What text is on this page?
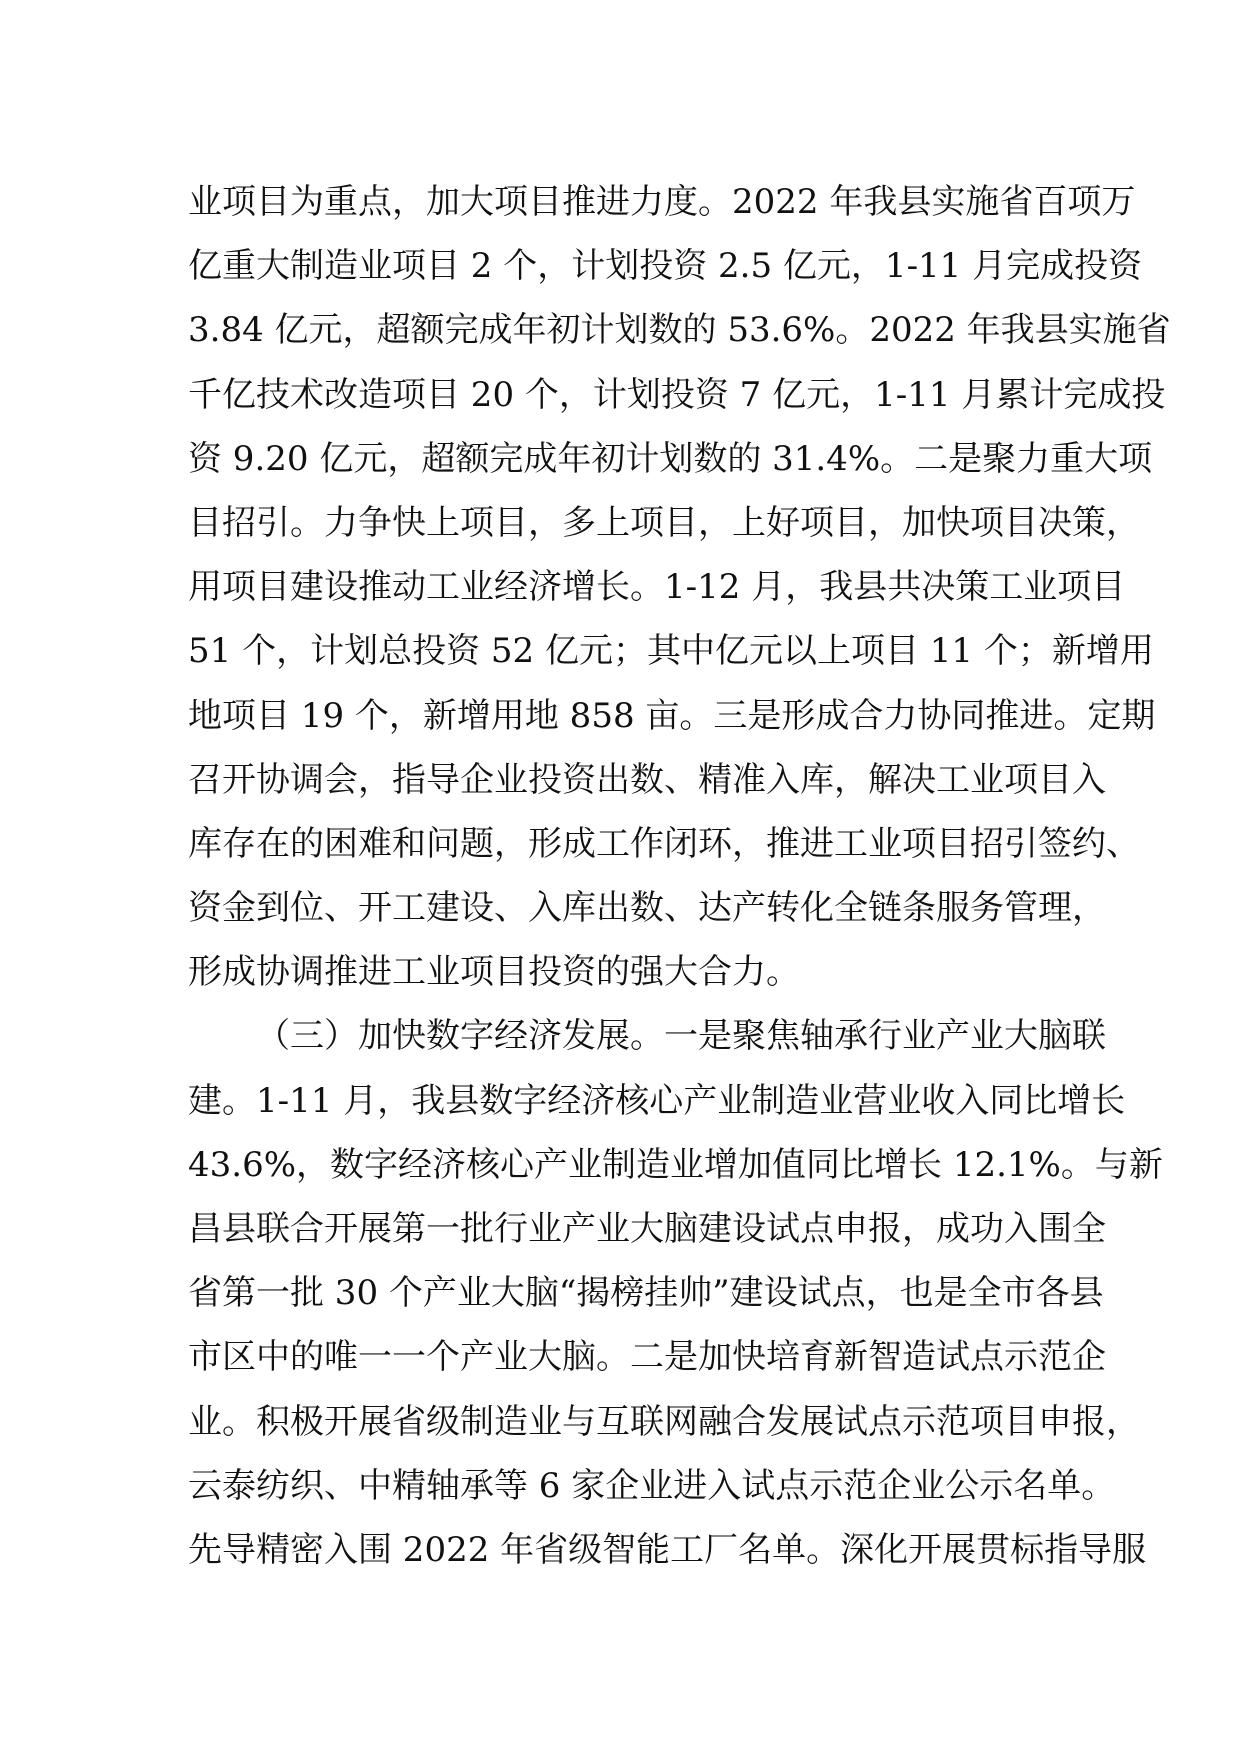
业项目为重点，加大项目推进力度。2022 年我县实施省百项万
亿重大制造业项目 2 个，计划投资 2.5 亿元，1-11 月完成投资
3.84 亿元，超额完成年初计划数的 53.6%。2022 年我县实施省
千亿技术改造项目 20 个，计划投资 7 亿元，1-11 月累计完成投
资 9.20 亿元，超额完成年初计划数的 31.4%。二是聚力重大项
目招引。力争快上项目，多上项目，上好项目，加快项目决策，
用项目建设推动工业经济增长。1-12 月，我县共决策工业项目
51 个，计划总投资 52 亿元；其中亿元以上项目 11 个；新增用
地项目 19 个，新增用地 858 亩。三是形成合力协同推进。定期
召开协调会，指导企业投资出数、精准入库，解决工业项目入
库存在的困难和问题，形成工作闭环，推进工业项目招引签约、
资金到位、开工建设、入库出数、达产转化全链条服务管理，
形成协调推进工业项目投资的强大合力。
（三）加快数字经济发展。一是聚焦轴承行业产业大脑联
建。1-11 月，我县数字经济核心产业制造业营业收入同比增长
43.6%，数字经济核心产业制造业增加值同比增长 12.1%。与新
昌县联合开展第一批行业产业大脑建设试点申报，成功入围全
省第一批 30 个产业大脑“揭榜挂帅”建设试点，也是全市各县
市区中的唯一一个产业大脑。二是加快培育新智造试点示范企
业。积极开展省级制造业与互联网融合发展试点示范项目申报，
云泰纺织、中精轴承等 6 家企业进入试点示范企业公示名单。
先导精密入围 2022 年省级智能工厂名单。深化开展贯标指导服
